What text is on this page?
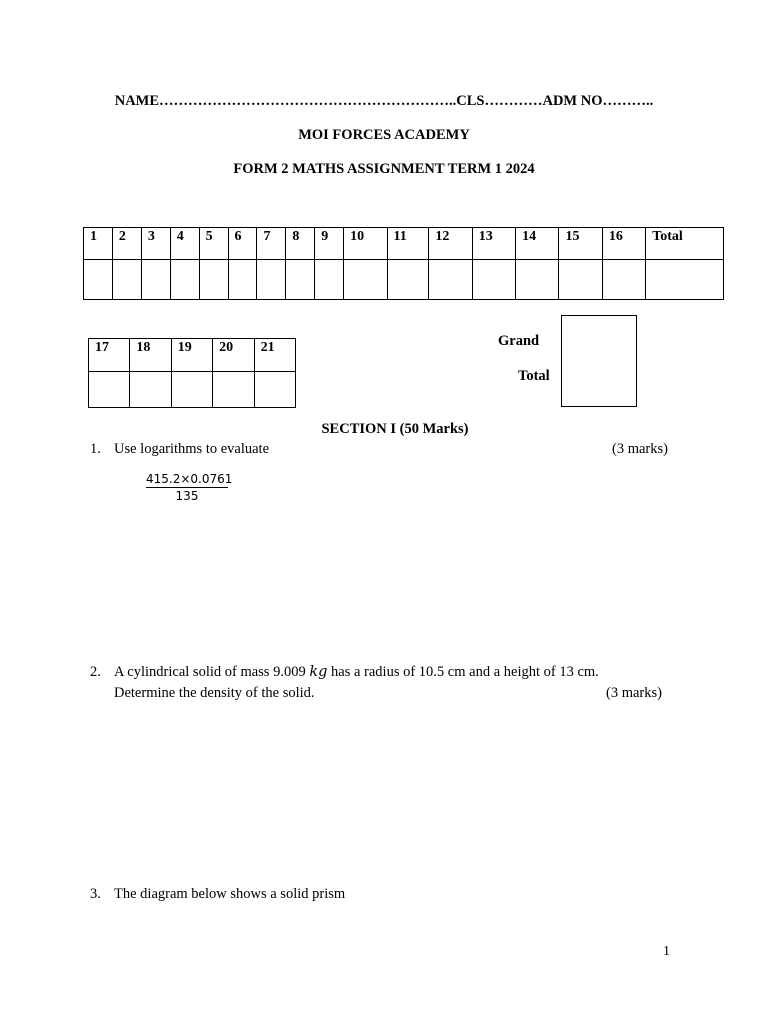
NAME……………………………………………………..CLS…………ADM NO………..
MOI FORCES ACADEMY
FORM 2 MATHS ASSIGNMENT TERM 1 2024
1	2	3	4	5	6	7	8	9	10	11	12	13	14	15	16	Total

17	18	19	20	21
					Grand
Total
SECTION I (50 Marks)
1. Use logarithms to evaluate	(3 marks)
$\frac{415.2\times 0.0761}{135}$
2. A cylindrical solid of mass 9.009 kg has a radius of 10.5 cm and a height of 13 cm.
Determine the density of the solid.	(3 marks)
3. The diagram below shows a solid prism
1
